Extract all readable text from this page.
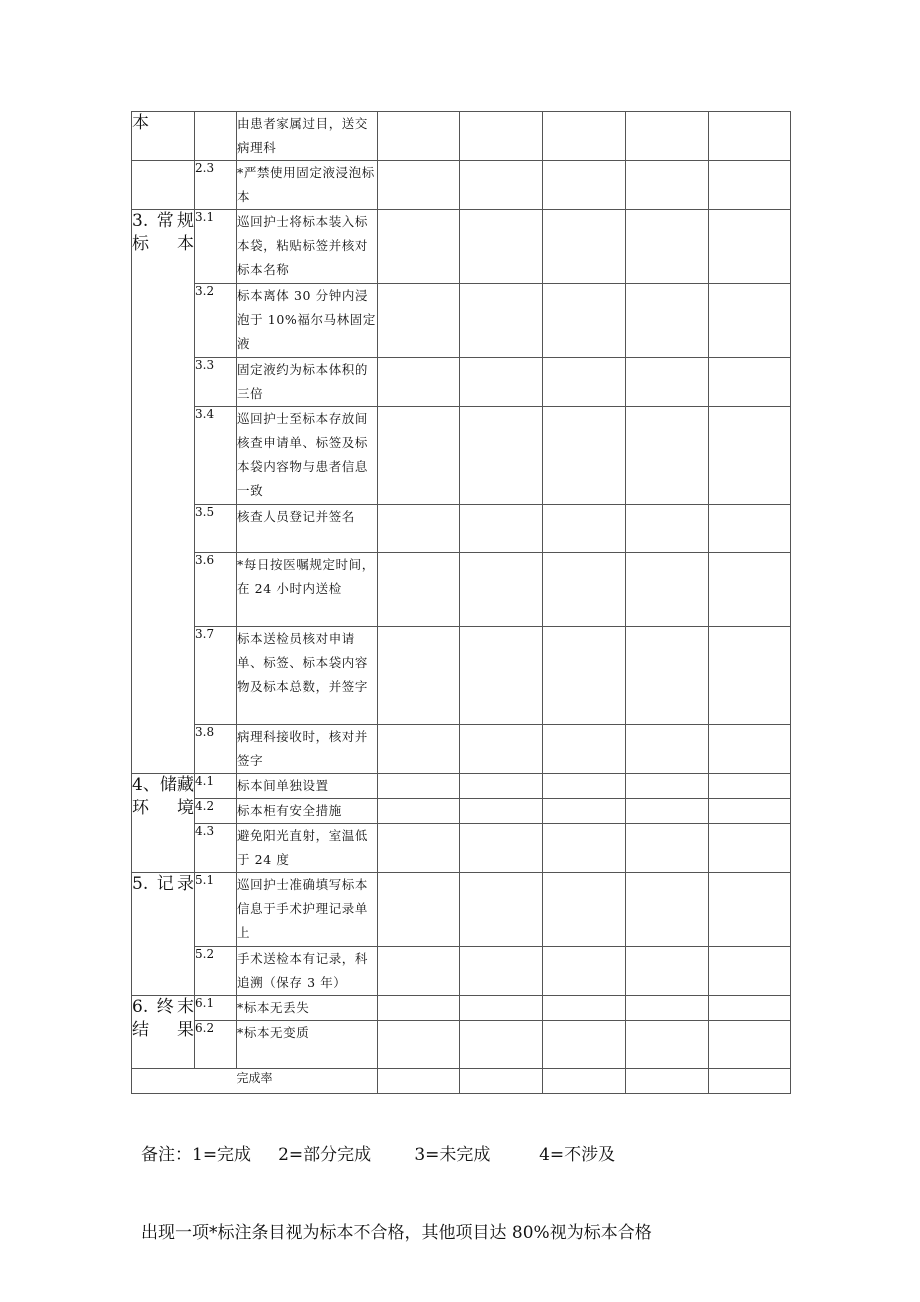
本		由患者家属过目，送交病理科					
	2.3	*严禁使用固定液浸泡标本					
3. 常规标本	3.1	巡回护士将标本装入标本袋，粘贴标签并核对标本名称					
	3.2	标本离体 30 分钟内浸泡于 10%福尔马林固定液					
	3.3	固定液约为标本体积的三倍					
	3.4	巡回护士至标本存放间核查申请单、标签及标本袋内容物与患者信息一致					
	3.5	核查人员登记并签名					
	3.6	*每日按医嘱规定时间，在 24 小时内送检					
	3.7	标本送检员核对申请单、标签、标本袋内容物及标本总数，并签字					
	3.8	病理科接收时，核对并签字					
4、储藏环境	4.1	标本间单独设置					
	4.2	标本柜有安全措施					
	4.3	避免阳光直射，室温低于 24 度					
5. 记录	5.1	巡回护士准确填写标本信息于手术护理记录单上					
	5.2	手术送检本有记录，科追溯（保存 3 年）					
6. 终末结果	6.1	*标本无丢失					
	6.2	*标本无变质					
完成率							

备注：1=完成     2=部分完成        3=未完成         4=不涉及

出现一项*标注条目视为标本不合格，其他项目达 80%视为标本合格
